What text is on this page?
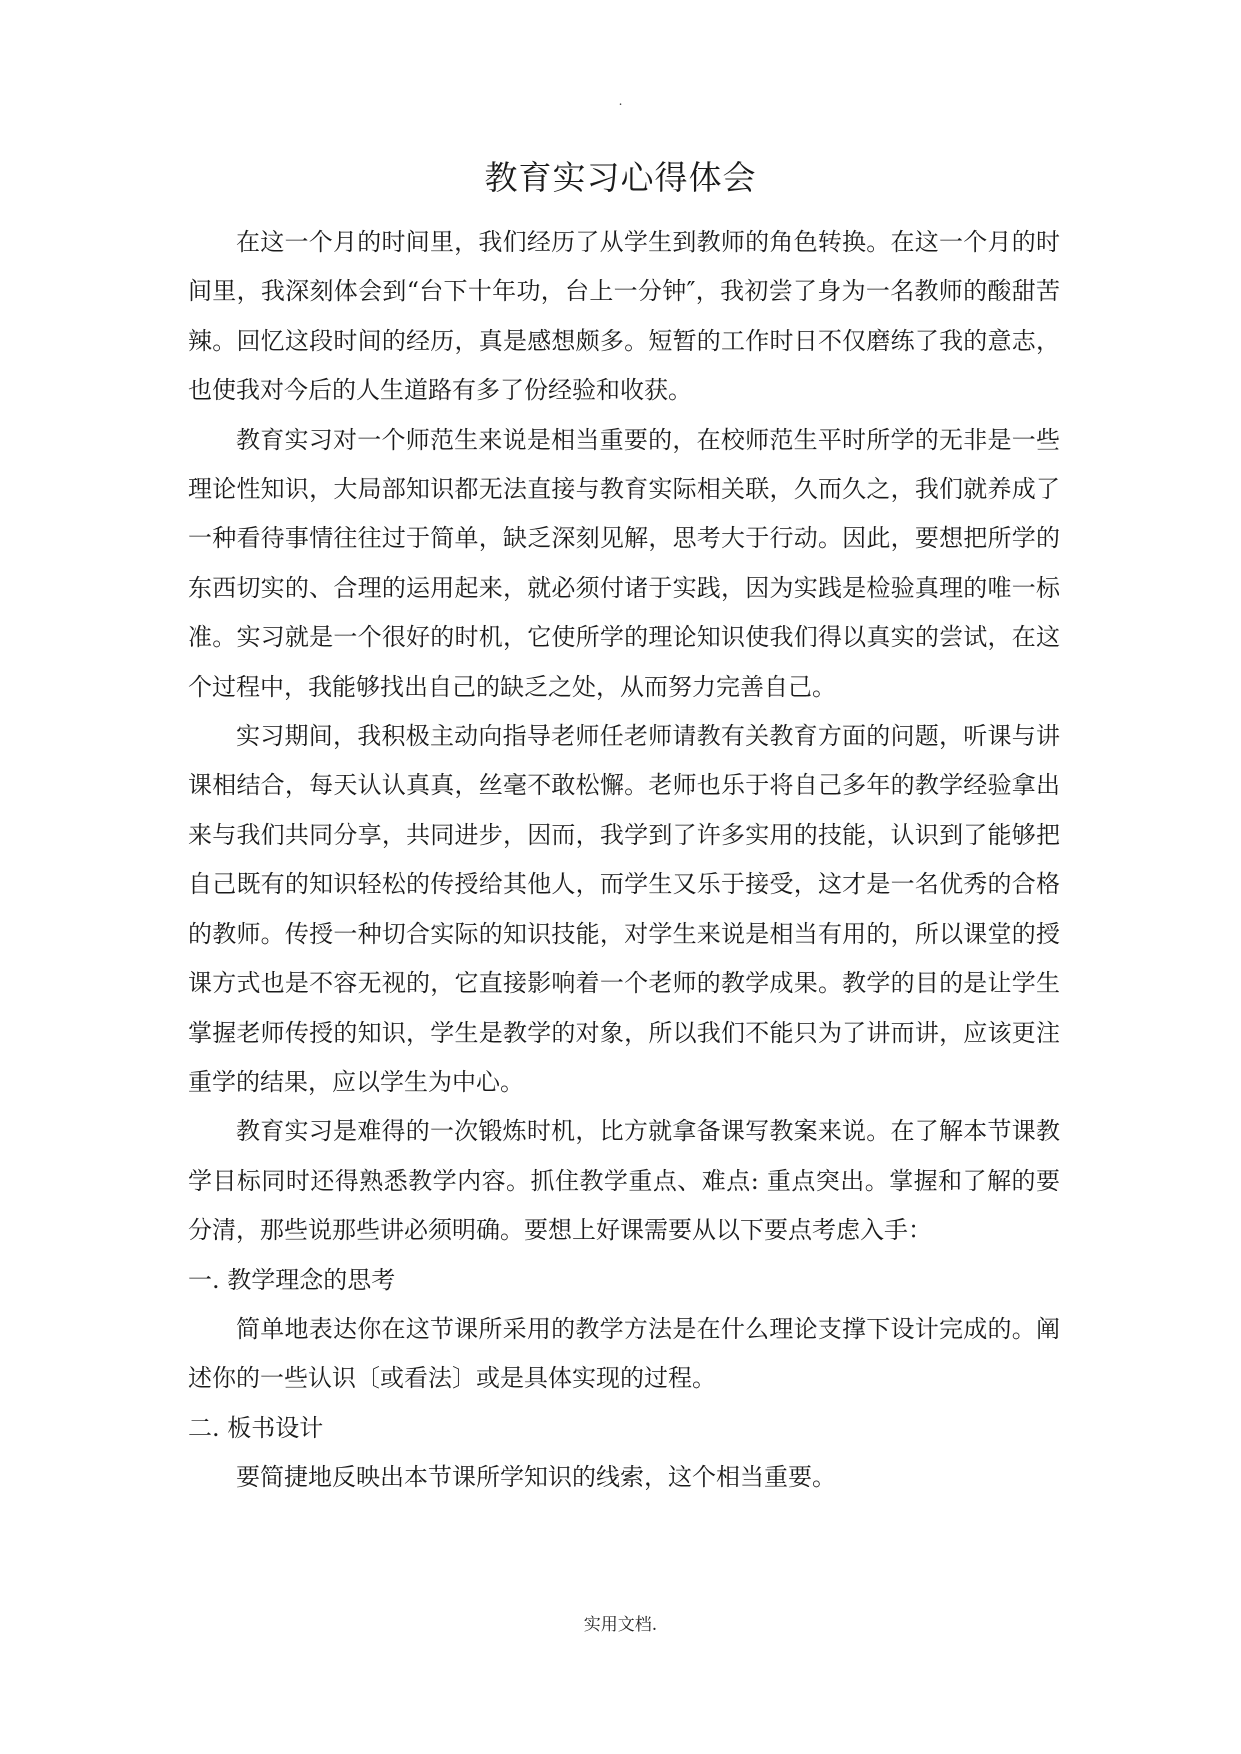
.
教育实习心得体会

在这一个月的时间里，我们经历了从学生到教师的角色转换。在这一个月的时间里，我深刻体会到“台下十年功，台上一分钟″，我初尝了身为一名教师的酸甜苦辣。回忆这段时间的经历，真是感想颇多。短暂的工作时日不仅磨练了我的意志，也使我对今后的人生道路有多了份经验和收获。

教育实习对一个师范生来说是相当重要的，在校师范生平时所学的无非是一些理论性知识，大局部知识都无法直接与教育实际相关联，久而久之，我们就养成了一种看待事情往往过于简单，缺乏深刻见解，思考大于行动。因此，要想把所学的东西切实的、合理的运用起来，就必须付诸于实践，因为实践是检验真理的唯一标准。实习就是一个很好的时机，它使所学的理论知识使我们得以真实的尝试，在这个过程中，我能够找出自己的缺乏之处，从而努力完善自己。

实习期间，我积极主动向指导老师任老师请教有关教育方面的问题，听课与讲课相结合，每天认认真真，丝毫不敢松懈。老师也乐于将自己多年的教学经验拿出来与我们共同分享，共同进步，因而，我学到了许多实用的技能，认识到了能够把自己既有的知识轻松的传授给其他人，而学生又乐于接受，这才是一名优秀的合格的教师。传授一种切合实际的知识技能，对学生来说是相当有用的，所以课堂的授课方式也是不容无视的，它直接影响着一个老师的教学成果。教学的目的是让学生掌握老师传授的知识，学生是教学的对象，所以我们不能只为了讲而讲，应该更注重学的结果，应以学生为中心。

教育实习是难得的一次锻炼时机，比方就拿备课写教案来说。在了解本节课教学目标同时还得熟悉教学内容。抓住教学重点、难点: 重点突出。掌握和了解的要分清，那些说那些讲必须明确。要想上好课需要从以下要点考虑入手：

一. 教学理念的思考

简单地表达你在这节课所采用的教学方法是在什么理论支撑下设计完成的。阐述你的一些认识〔或看法〕或是具体实现的过程。

二. 板书设计

要简捷地反映出本节课所学知识的线索，这个相当重要。

实用文档.
